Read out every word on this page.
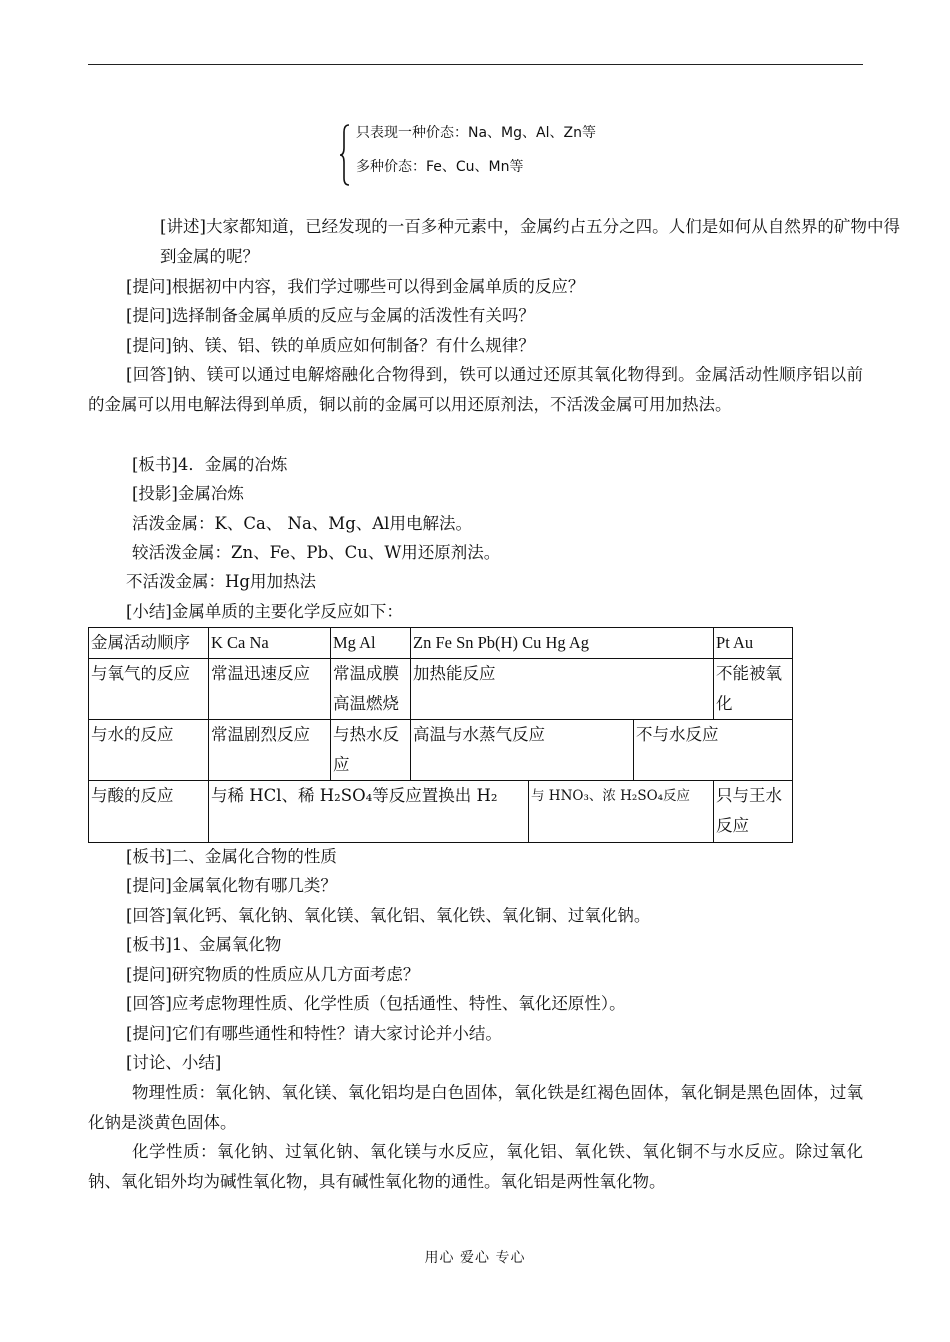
只表现一种价态：Na、Mg、Al、Zn等
多种价态：Fe、Cu、Mn等
[讲述]大家都知道，已经发现的一百多种元素中，金属约占五分之四。人们是如何从自然界的矿物中得到金属的呢？
[提问]根据初中内容，我们学过哪些可以得到金属单质的反应？
[提问]选择制备金属单质的反应与金属的活泼性有关吗？
[提问]钠、镁、铝、铁的单质应如何制备？有什么规律？
[回答]钠、镁可以通过电解熔融化合物得到，铁可以通过还原其氧化物得到。金属活动性顺序铝以前的金属可以用电解法得到单质，铜以前的金属可以用还原剂法，不活泼金属可用加热法。
[板书]4．金属的冶炼
[投影]金属冶炼
活泼金属：K、Ca、 Na、Mg、Al用电解法。
较活泼金属：Zn、Fe、Pb、Cu、W用还原剂法。
不活泼金属：Hg用加热法
[小结]金属单质的主要化学反应如下：
金属活动顺序	K Ca Na	Mg Al	Zn Fe Sn Pb(H) Cu Hg Ag			Pt Au
与氧气的反应	常温迅速反应	常温成膜高温燃烧	加热能反应			不能被氧化
与水的反应	常温剧烈反应	与热水反应	高温与水蒸气反应		不与水反应	
与酸的反应	与稀 HCl、稀 H₂SO₄等反应置换出 H₂			与 HNO₃、浓 H₂SO₄反应		只与王水反应
[板书]二、金属化合物的性质
[提问]金属氧化物有哪几类？
[回答]氧化钙、氧化钠、氧化镁、氧化铝、氧化铁、氧化铜、过氧化钠。
[板书]1、金属氧化物
[提问]研究物质的性质应从几方面考虑？
[回答]应考虑物理性质、化学性质（包括通性、特性、氧化还原性）。
[提问]它们有哪些通性和特性？请大家讨论并小结。
[讨论、小结]
物理性质：氧化钠、氧化镁、氧化铝均是白色固体，氧化铁是红褐色固体，氧化铜是黑色固体，过氧化钠是淡黄色固体。
化学性质：氧化钠、过氧化钠、氧化镁与水反应，氧化铝、氧化铁、氧化铜不与水反应。除过氧化钠、氧化铝外均为碱性氧化物，具有碱性氧化物的通性。氧化铝是两性氧化物。
用心 爱心 专心
